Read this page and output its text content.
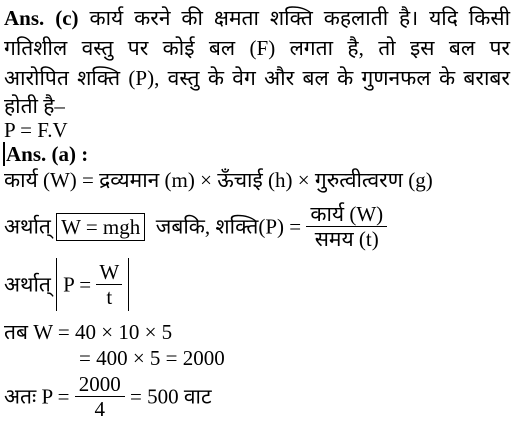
Ans. (c) कार्य करने की क्षमता शक्ति कहलाती है। यदि किसी
गतिशील वस्तु पर कोई बल (F) लगता है, तो इस बल पर
आरोपित शक्ति (P), वस्तु के वेग और बल के गुणनफल के बराबर
होती है–
P = F.V
Ans. (a) :
कार्य (W) = द्रव्यमान (m) × ऊँचाई (h) × गुरुत्वीत्वरण (g)
अर्थात् W = mgh जबकि, शक्ति(P) = $\frac{\text{कार्य (W)}}{\text{समय (t)}}$
अर्थात् $P = \frac{W}{t}$
तब W = 40 × 10 × 5
= 400 × 5 = 2000
अतः $P = \frac{2000}{4} = 500$ वाट
